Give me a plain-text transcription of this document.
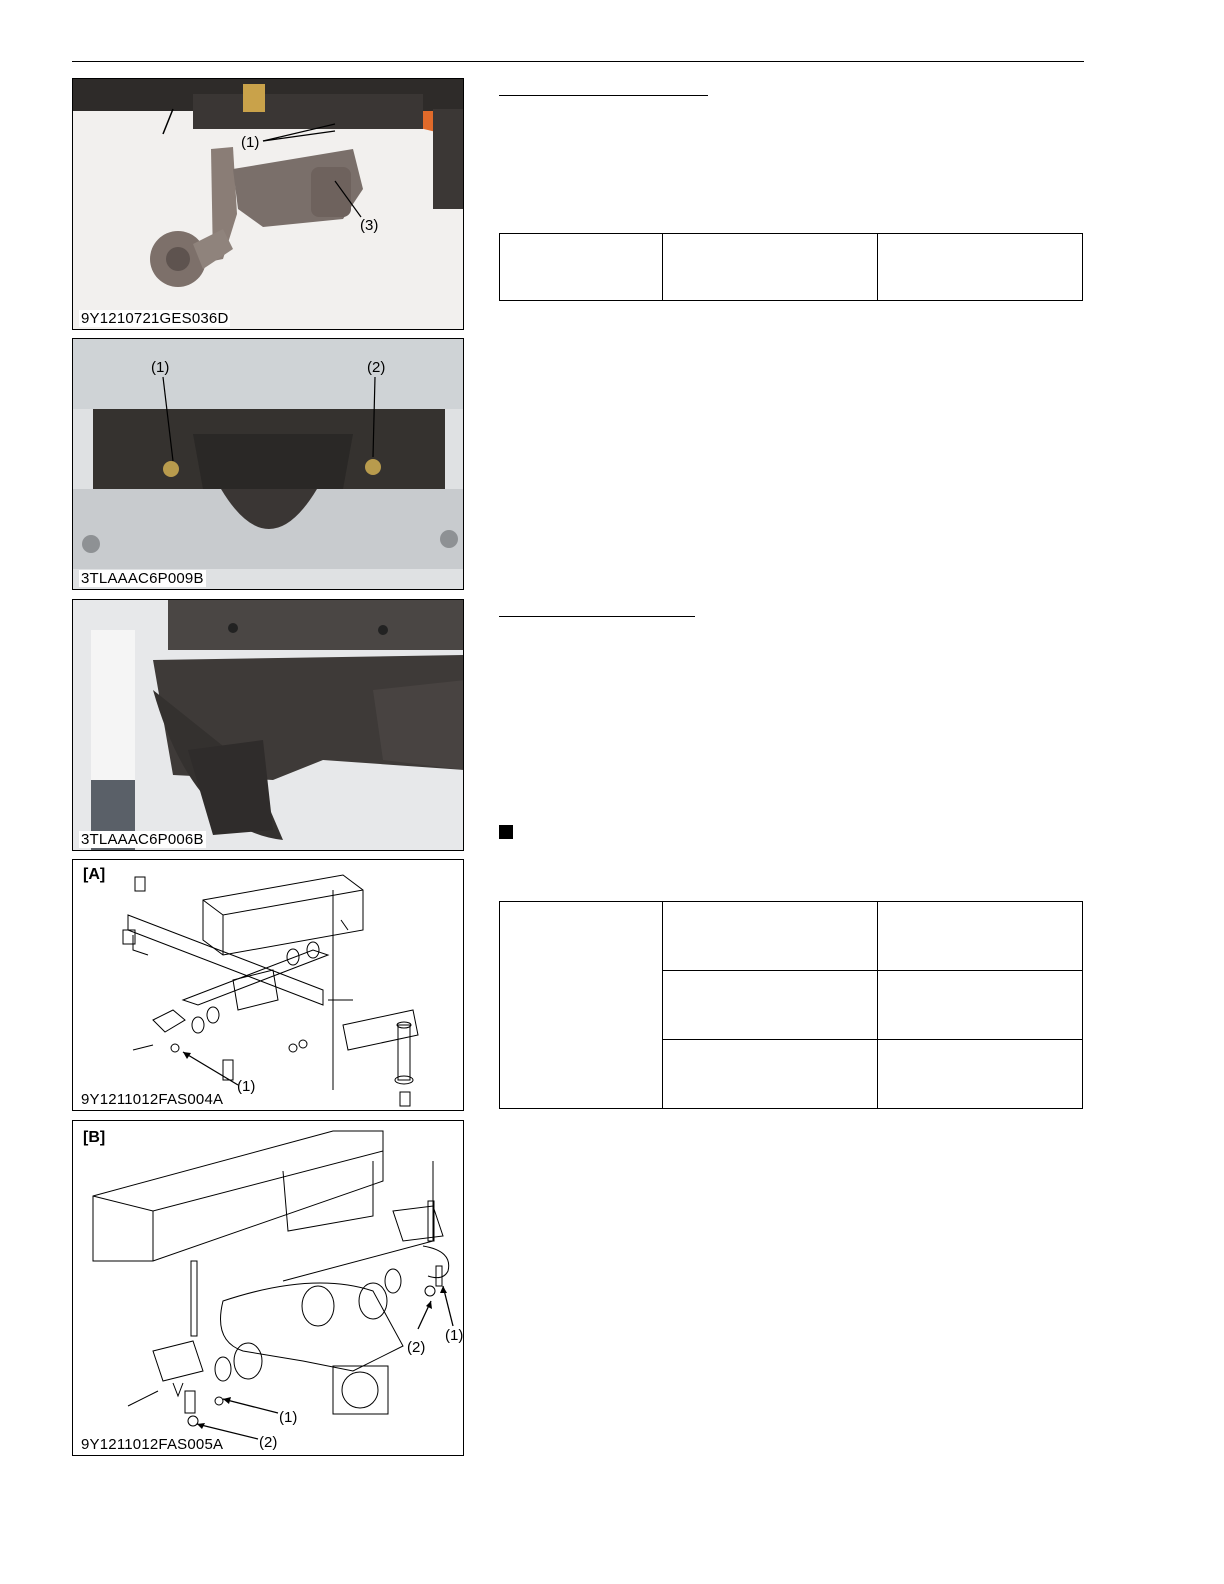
(1)
(3)
9Y1210721GES036D
(1)	(2)
3TLAAAC6P009B
3TLAAAC6P006B
[A]
(1)
9Y1211012FAS004A
[B]
(1)
(2)
(1)
(2)
9Y1211012FAS005A
